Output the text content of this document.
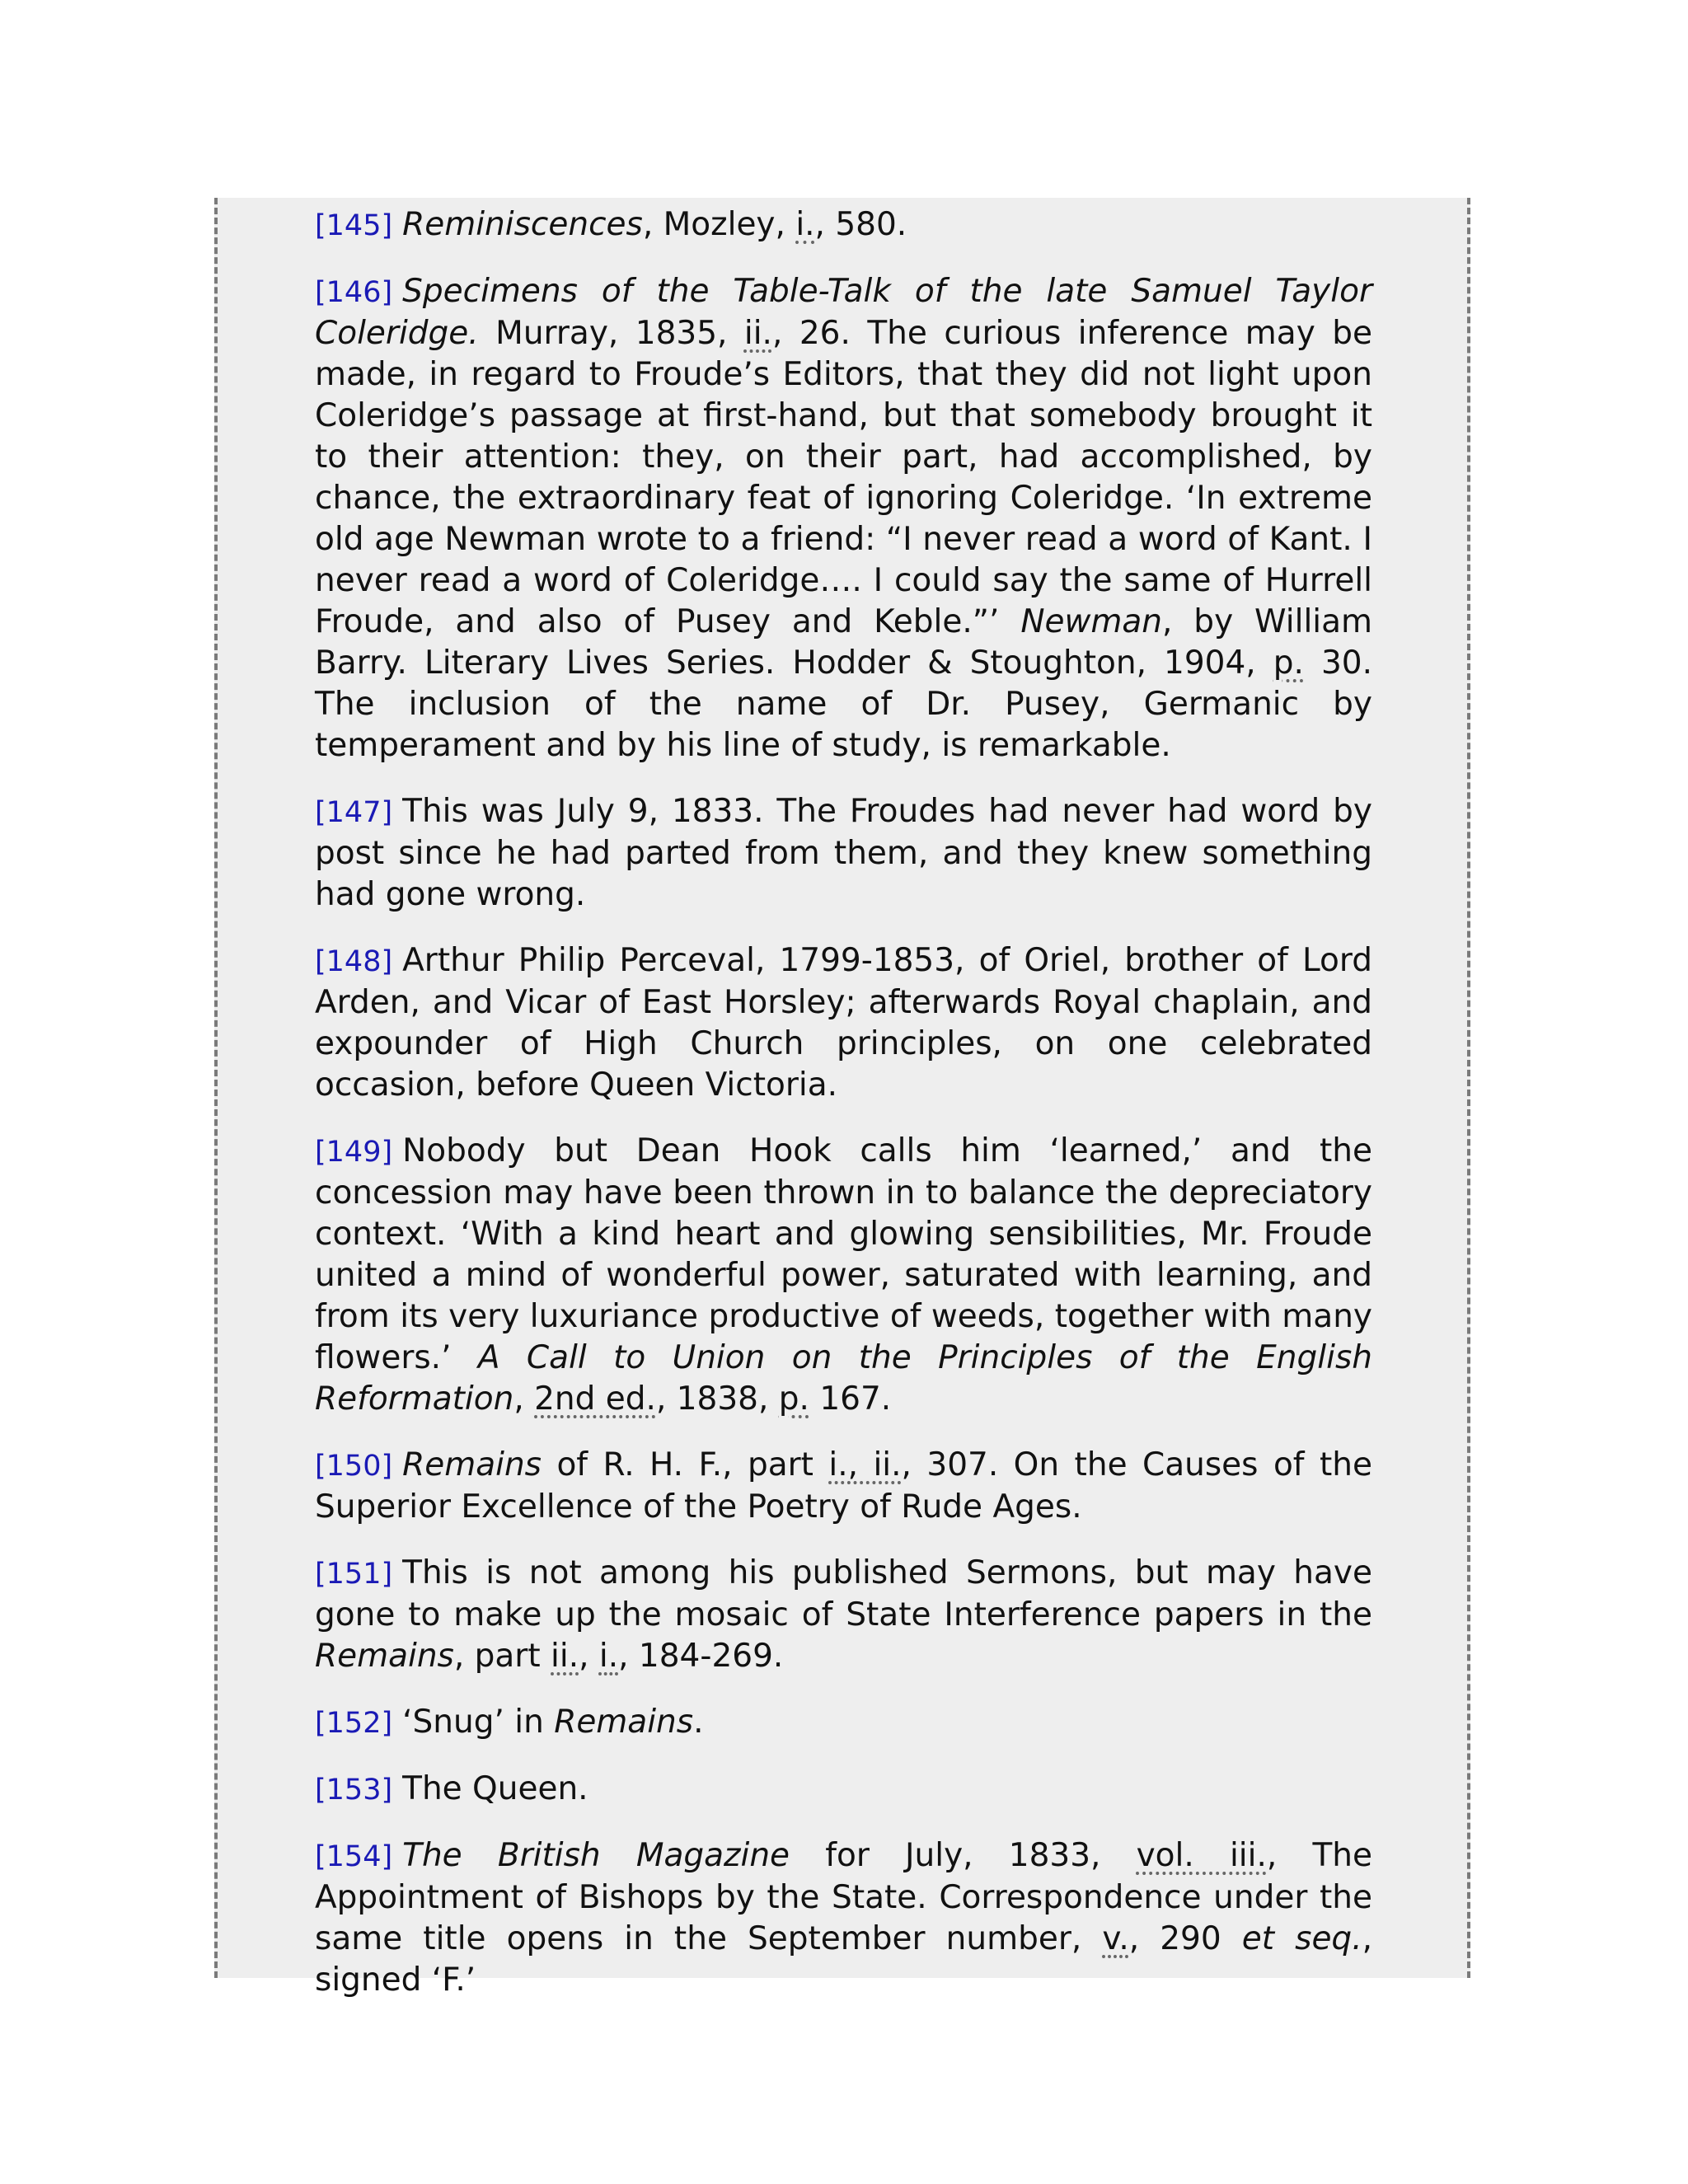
[145] Reminiscences, Mozley, i., 580.

[146] Specimens of the Table-Talk of the late Samuel Taylor Coleridge. Murray, 1835, ii., 26. The curious inference may be made, in regard to Froude’s Editors, that they did not light upon Coleridge’s passage at first-hand, but that somebody brought it to their attention: they, on their part, had accomplished, by chance, the extraordinary feat of ignoring Coleridge. ‘In extreme old age Newman wrote to a friend: “I never read a word of Kant. I never read a word of Coleridge…. I could say the same of Hurrell Froude, and also of Pusey and Keble.”’ Newman, by William Barry. Literary Lives Series. Hodder & Stoughton, 1904, p. 30. The inclusion of the name of Dr. Pusey, Germanic by temperament and by his line of study, is remarkable.

[147] This was July 9, 1833. The Froudes had never had word by post since he had parted from them, and they knew something had gone wrong.

[148] Arthur Philip Perceval, 1799-1853, of Oriel, brother of Lord Arden, and Vicar of East Horsley; afterwards Royal chaplain, and expounder of High Church principles, on one celebrated occasion, before Queen Victoria.

[149] Nobody but Dean Hook calls him ‘learned,’ and the concession may have been thrown in to balance the depreciatory context. ‘With a kind heart and glowing sensibilities, Mr. Froude united a mind of wonderful power, saturated with learning, and from its very luxuriance productive of weeds, together with many flowers.’ A Call to Union on the Principles of the English Reformation, 2nd ed., 1838, p. 167.

[150] Remains of R. H. F., part i., ii., 307. On the Causes of the Superior Excellence of the Poetry of Rude Ages.

[151] This is not among his published Sermons, but may have gone to make up the mosaic of State Interference papers in the Remains, part ii., i., 184-269.

[152] ‘Snug’ in Remains.

[153] The Queen.

[154] The British Magazine for July, 1833, vol. iii., The Appointment of Bishops by the State. Correspondence under the same title opens in the September number, v., 290 et seq., signed ‘F.’
